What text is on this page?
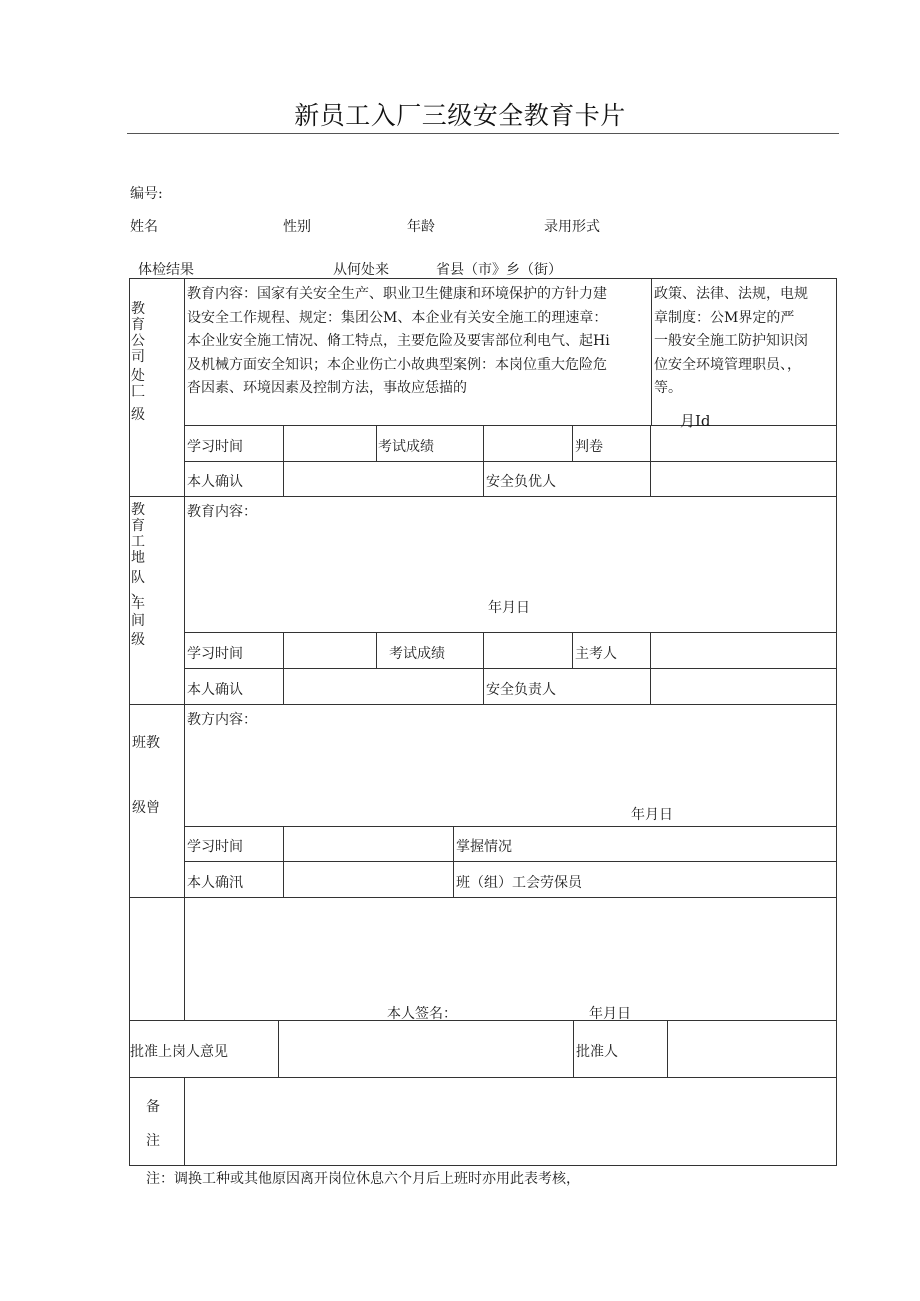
新员工入厂三级安全教育卡片
编号:
姓名	性别	年龄	录用形式
体检结果	从何处来	省县（市》乡（街）
教
育
公
司
处
匚
级
教育内容：国家有关安全生产、职业卫生健康和环境保护的方针力建
设安全工作规程、规定：集团公M、本企业有关安全施工的理速章：
本企业安全施工情况、脩工特点，主要危险及要害部位利电气、起Hi
及机械方面安全知识；本企业伤亡小故典型案例：本岗位重大危险危
沓因素、环境因素及控制方法，事故应恁描的
政策、法律、法规，电规
章制度：公M界定的严
一般安全施工防护知识闵
位安全环境管理职员、，
等。
月Id
学习时间	考试成绩	判卷
本人确认	安全负优人
教
育
工
地
队
、
车
间
级
教育内容：
年月日
学习时间	考试成绩	主考人
本人确认	安全负责人
班教
级曾
教方内容：
年月日
学习时间	掌握情况
本人确汛	班（组）工会劳保员
本人签名：	年月日
批准上岗人意见	批准人
备
注
注：调换工种或其他原因离开岗位休息六个月后上班时亦用此表考核，
